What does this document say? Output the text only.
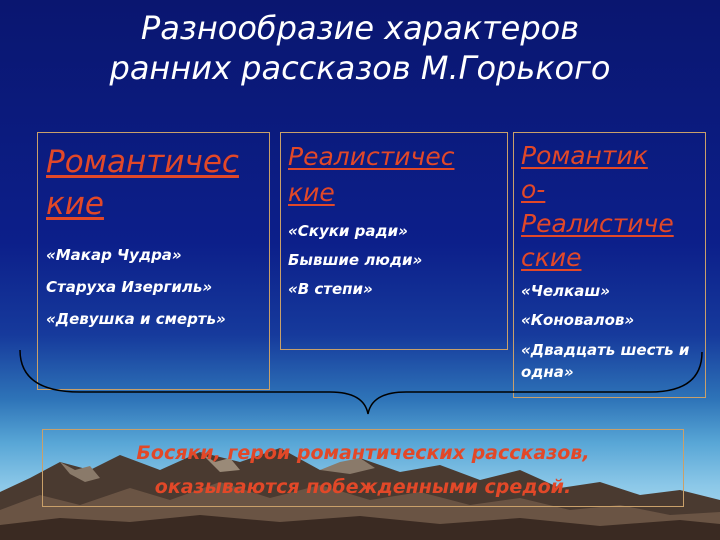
Разнообразие характеров
ранних рассказов М.Горького
Романтичес
кие
«Макар Чудра»
Старуха Изергиль»
«Девушка и смерть»
Реалистичес
кие
«Скуки ради»
Бывшие люди»
«В степи»
Романтик
о-
Реалистиче
ские
«Челкаш»
«Коновалов»
«Двадцать шесть и одна»
Босяки, герои романтических рассказов,
оказываются побежденными средой.
